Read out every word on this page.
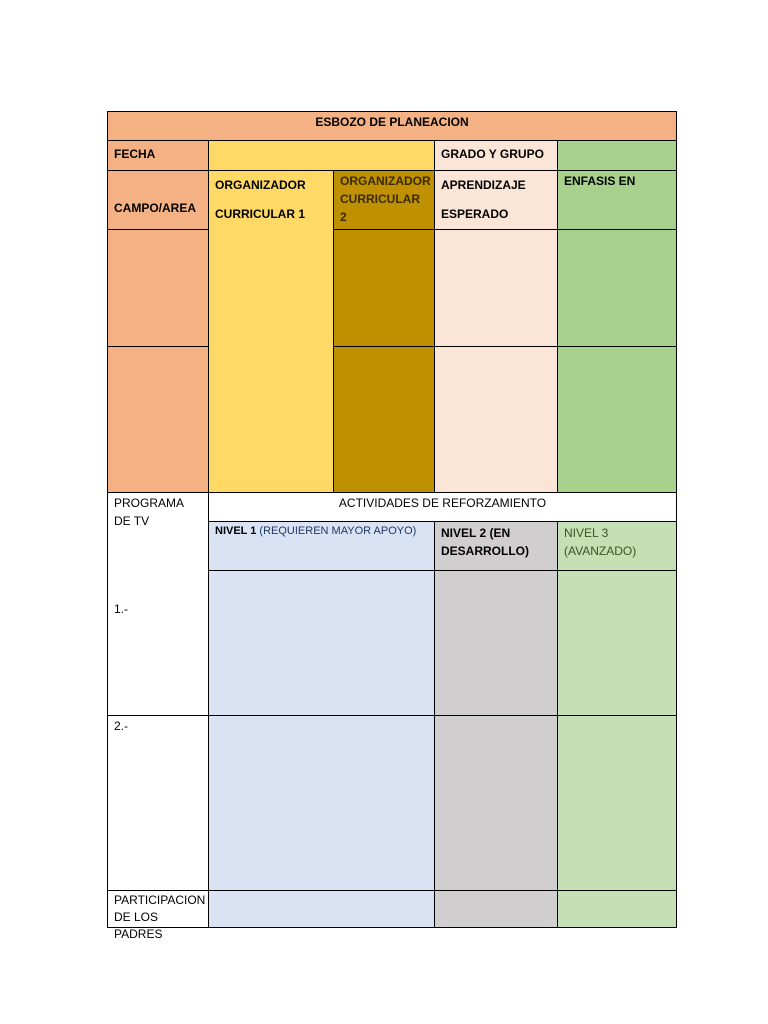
ESBOZO DE PLANEACION
FECHA	GRADO Y GRUPO
CAMPO/AREA
ORGANIZADOR
CURRICULAR 1
ORGANIZADOR
CURRICULAR 2
APRENDIZAJE
ESPERADO
ENFASIS EN
PROGRAMA
DE TV
1.-
ACTIVIDADES DE REFORZAMIENTO
NIVEL 1 (REQUIEREN MAYOR APOYO)	NIVEL 2 (EN
DESARROLLO)
NIVEL 3
(AVANZADO)
2.-
PARTICIPACION
DE LOS PADRES
